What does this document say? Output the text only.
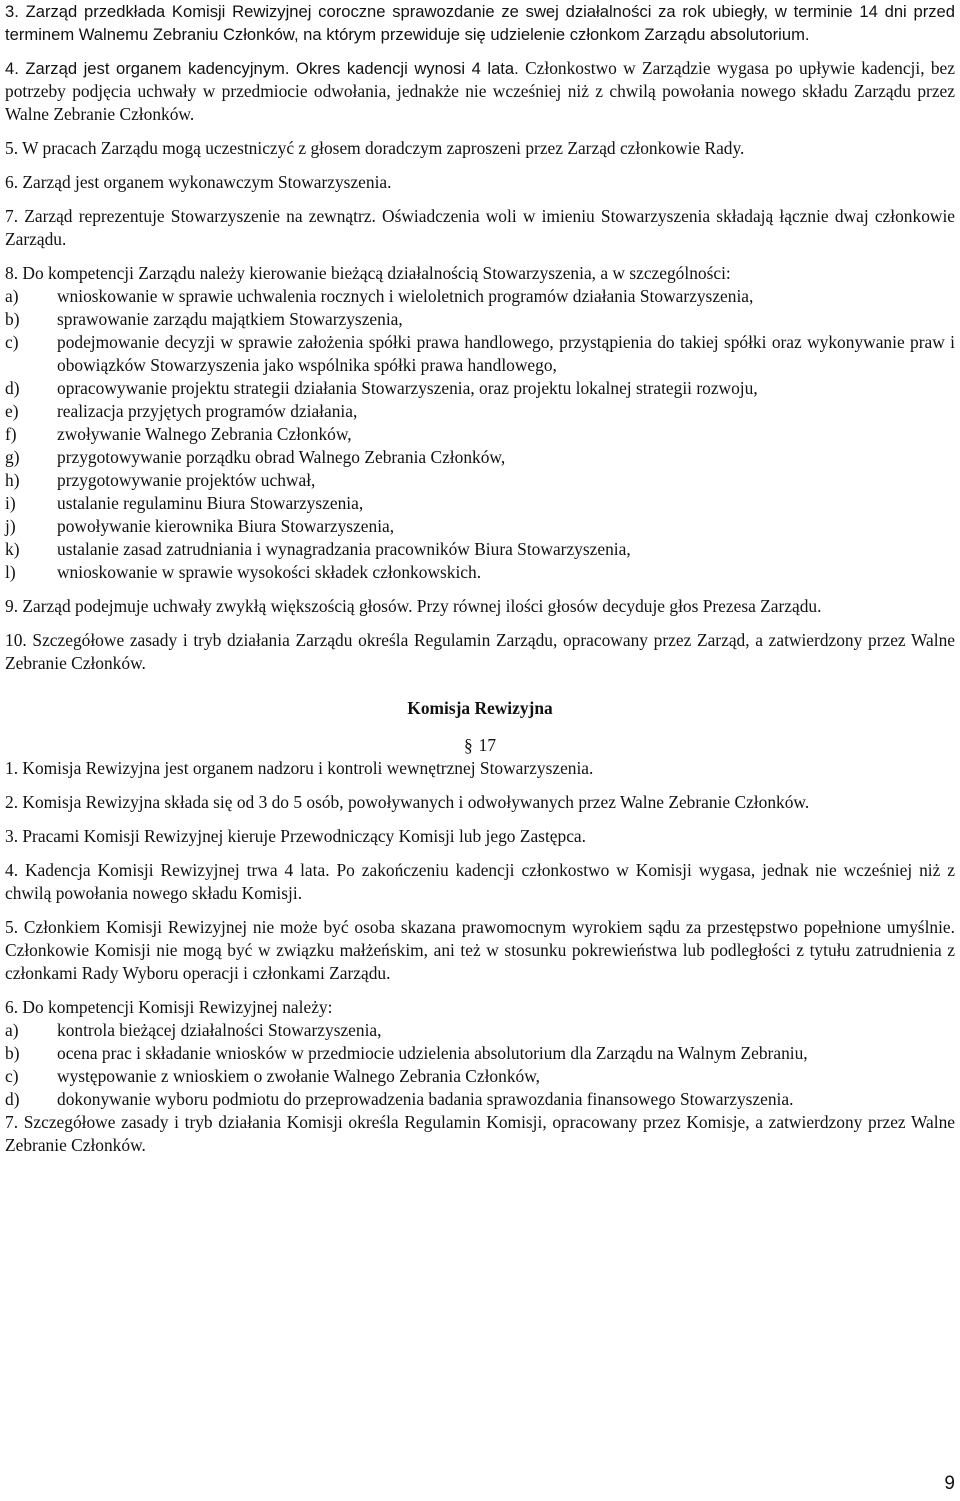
3. Zarząd przedkłada Komisji Rewizyjnej coroczne sprawozdanie ze swej działalności za rok ubiegły, w terminie 14 dni przed terminem Walnemu Zebraniu Członków, na którym przewiduje się udzielenie członkom Zarządu absolutorium.

4. Zarząd jest organem kadencyjnym. Okres kadencji wynosi 4 lata. Członkostwo w Zarządzie wygasa po upływie kadencji, bez potrzeby podjęcia uchwały w przedmiocie odwołania, jednakże nie wcześniej niż z chwilą powołania nowego składu Zarządu przez Walne Zebranie Członków.

5. W pracach Zarządu mogą uczestniczyć z głosem doradczym zaproszeni przez Zarząd członkowie Rady.

6. Zarząd jest organem wykonawczym Stowarzyszenia.

7. Zarząd reprezentuje Stowarzyszenie na zewnątrz. Oświadczenia woli w imieniu Stowarzyszenia składają łącznie dwaj członkowie Zarządu.

8. Do kompetencji Zarządu należy kierowanie bieżącą działalnością Stowarzyszenia, a w szczególności:

a)	wnioskowanie w sprawie uchwalenia rocznych i wieloletnich programów działania Stowarzyszenia,
b)	sprawowanie zarządu majątkiem Stowarzyszenia,
c)	podejmowanie decyzji w sprawie założenia spółki prawa handlowego, przystąpienia do takiej spółki oraz wykonywanie praw i obowiązków Stowarzyszenia jako wspólnika spółki prawa handlowego,
d)	opracowywanie projektu strategii działania Stowarzyszenia, oraz projektu lokalnej strategii rozwoju,
e)	realizacja przyjętych programów działania,
f)	zwoływanie Walnego Zebrania Członków,
g)	przygotowywanie porządku obrad Walnego Zebrania Członków,
h)	przygotowywanie projektów uchwał,
i)	ustalanie regulaminu Biura Stowarzyszenia,
j)	powoływanie kierownika Biura Stowarzyszenia,
k)	ustalanie zasad zatrudniania i wynagradzania pracowników Biura Stowarzyszenia,
l)	wnioskowanie w sprawie wysokości składek członkowskich.

9. Zarząd podejmuje uchwały zwykłą większością głosów. Przy równej ilości głosów decyduje głos Prezesa Zarządu.

10. Szczegółowe zasady i tryb działania Zarządu określa Regulamin Zarządu, opracowany przez Zarząd, a zatwierdzony przez Walne Zebranie Członków.

Komisja Rewizyjna

§ 17

1. Komisja Rewizyjna jest organem nadzoru i kontroli wewnętrznej Stowarzyszenia.

2. Komisja Rewizyjna składa się od 3 do 5 osób, powoływanych i odwoływanych przez Walne Zebranie Członków.

3. Pracami Komisji Rewizyjnej kieruje Przewodniczący Komisji lub jego Zastępca.

4. Kadencja Komisji Rewizyjnej trwa 4 lata. Po zakończeniu kadencji członkostwo w Komisji wygasa, jednak nie wcześniej niż z chwilą powołania nowego składu Komisji.

5. Członkiem Komisji Rewizyjnej nie może być osoba skazana prawomocnym wyrokiem sądu za przestępstwo popełnione umyślnie. Członkowie Komisji nie mogą być w związku małżeńskim, ani też w stosunku pokrewieństwa lub podległości z tytułu zatrudnienia z członkami Rady Wyboru operacji i członkami Zarządu.

6. Do kompetencji Komisji Rewizyjnej należy:

a)	kontrola bieżącej działalności Stowarzyszenia,
b)	ocena prac i składanie wniosków w przedmiocie udzielenia absolutorium dla Zarządu na Walnym Zebraniu,
c)	występowanie z wnioskiem o zwołanie Walnego Zebrania Członków,
d)	dokonywanie wyboru podmiotu do przeprowadzenia badania sprawozdania finansowego Stowarzyszenia.

7. Szczegółowe zasady i tryb działania Komisji określa Regulamin Komisji, opracowany przez Komisje, a zatwierdzony przez Walne Zebranie Członków.

9
